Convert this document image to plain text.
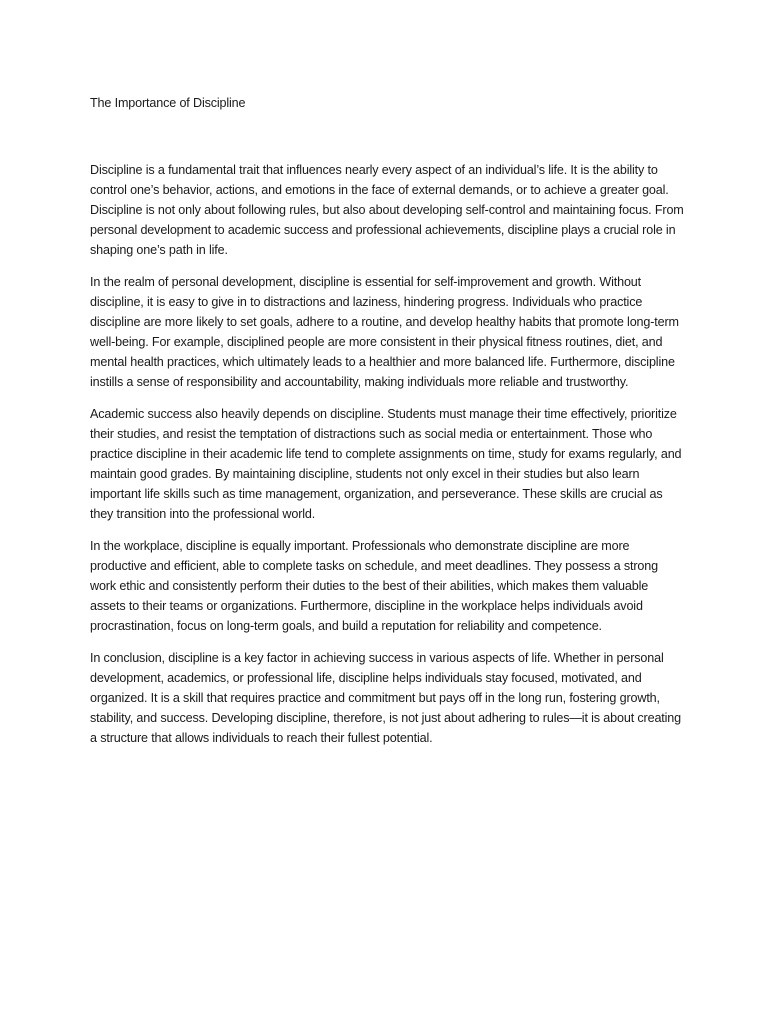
The Importance of Discipline

Discipline is a fundamental trait that influences nearly every aspect of an individual’s life. It is the ability to control one’s behavior, actions, and emotions in the face of external demands, or to achieve a greater goal. Discipline is not only about following rules, but also about developing self-control and maintaining focus. From personal development to academic success and professional achievements, discipline plays a crucial role in shaping one’s path in life.

In the realm of personal development, discipline is essential for self-improvement and growth. Without discipline, it is easy to give in to distractions and laziness, hindering progress. Individuals who practice discipline are more likely to set goals, adhere to a routine, and develop healthy habits that promote long-term well-being. For example, disciplined people are more consistent in their physical fitness routines, diet, and mental health practices, which ultimately leads to a healthier and more balanced life. Furthermore, discipline instills a sense of responsibility and accountability, making individuals more reliable and trustworthy.

Academic success also heavily depends on discipline. Students must manage their time effectively, prioritize their studies, and resist the temptation of distractions such as social media or entertainment. Those who practice discipline in their academic life tend to complete assignments on time, study for exams regularly, and maintain good grades. By maintaining discipline, students not only excel in their studies but also learn important life skills such as time management, organization, and perseverance. These skills are crucial as they transition into the professional world.

In the workplace, discipline is equally important. Professionals who demonstrate discipline are more productive and efficient, able to complete tasks on schedule, and meet deadlines. They possess a strong work ethic and consistently perform their duties to the best of their abilities, which makes them valuable assets to their teams or organizations. Furthermore, discipline in the workplace helps individuals avoid procrastination, focus on long-term goals, and build a reputation for reliability and competence.

In conclusion, discipline is a key factor in achieving success in various aspects of life. Whether in personal development, academics, or professional life, discipline helps individuals stay focused, motivated, and organized. It is a skill that requires practice and commitment but pays off in the long run, fostering growth, stability, and success. Developing discipline, therefore, is not just about adhering to rules—it is about creating a structure that allows individuals to reach their fullest potential.
